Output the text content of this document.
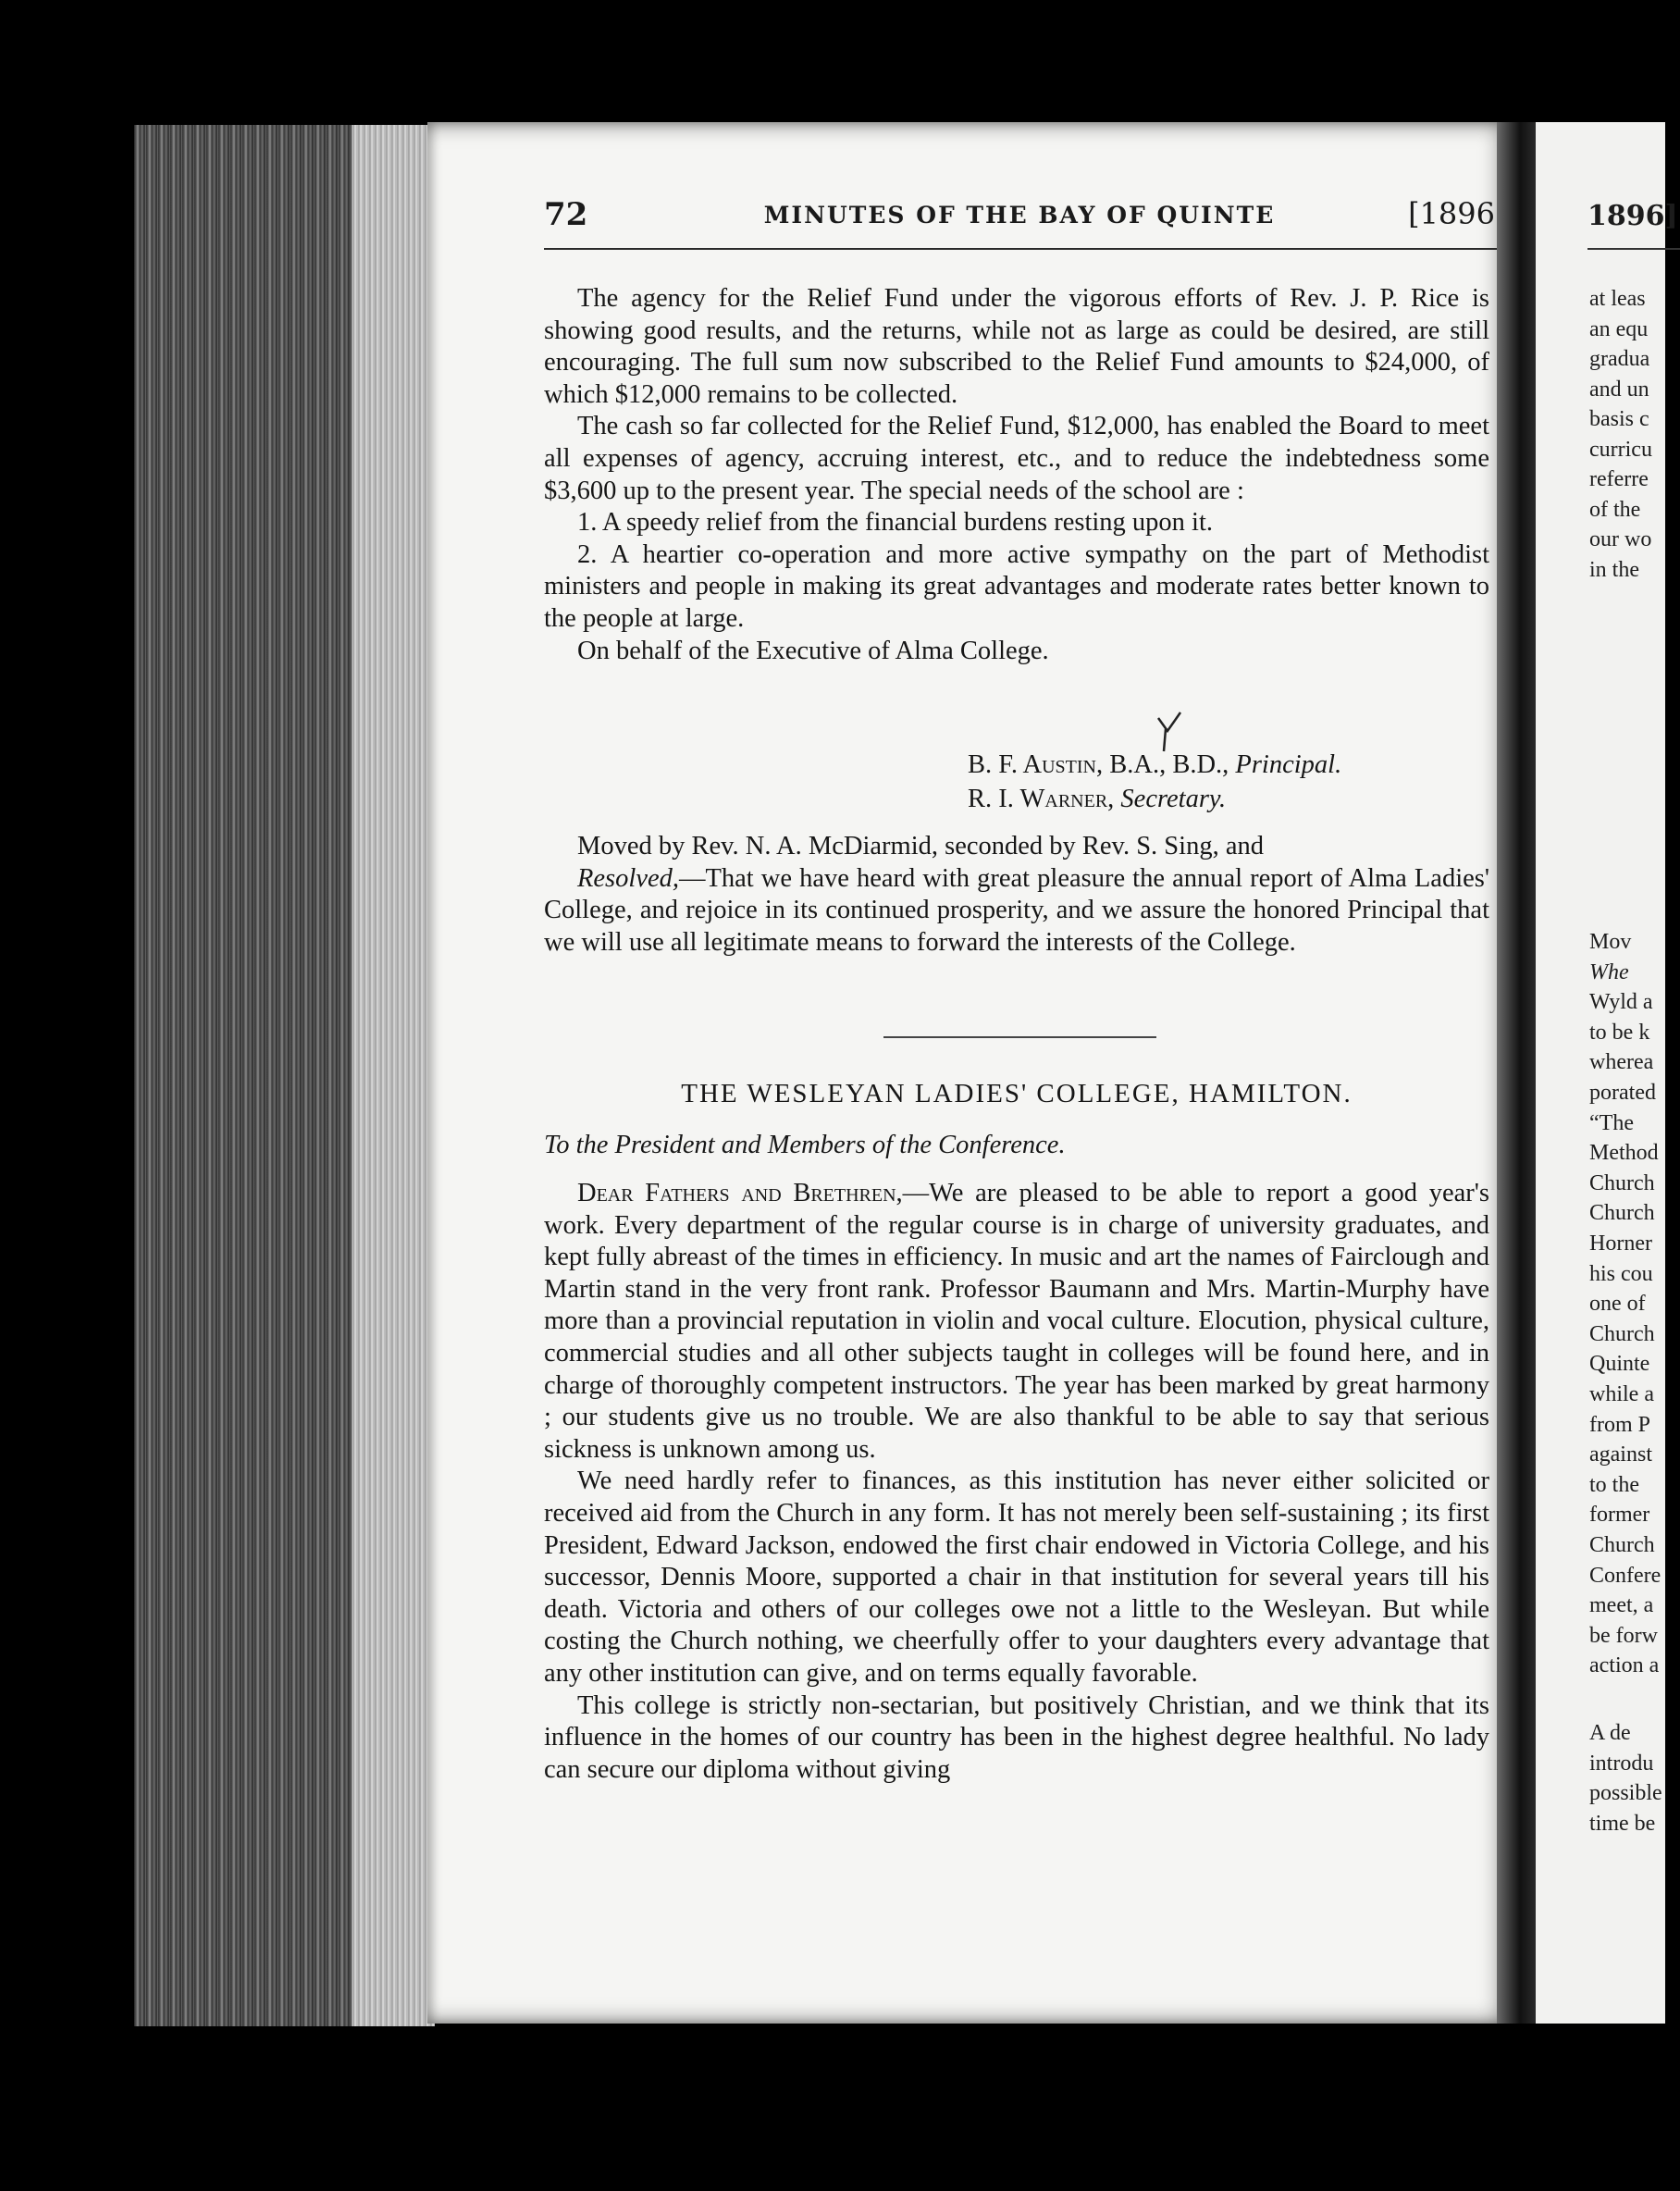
1896]
at leas
an equ
gradua
and un
basis c
curricu
referre
of the
our wo
in the
Mov
Whe
Wyld a
to be k
wherea
porated
“The
Method
Church
Church
Horner
his cou
one of
Church
Quinte
while a
from P
against
to the
former
Church
Confere
meet, a
be forw
action a
A de
introdu
possible
time be
72	MINUTES OF THE BAY OF QUINTE	[1896

The agency for the Relief Fund under the vigorous efforts of Rev. J. P. Rice is showing good results, and the returns, while not as large as could be desired, are still encouraging. The full sum now subscribed to the Relief Fund amounts to $24,000, of which $12,000 remains to be collected.

The cash so far collected for the Relief Fund, $12,000, has enabled the Board to meet all expenses of agency, accruing interest, etc., and to reduce the indebtedness some $3,600 up to the present year. The special needs of the school are :

1. A speedy relief from the financial burdens resting upon it.

2. A heartier co-operation and more active sympathy on the part of Methodist ministers and people in making its great advantages and moderate rates better known to the people at large.

On behalf of the Executive of Alma College.

B. F. Austin, B.A., B.D., Principal.
R. I. Warner, Secretary.

Moved by Rev. N. A. McDiarmid, seconded by Rev. S. Sing, and

Resolved,—That we have heard with great pleasure the annual report of Alma Ladies' College, and rejoice in its continued prosperity, and we assure the honored Principal that we will use all legitimate means to forward the interests of the College.

THE WESLEYAN LADIES' COLLEGE, HAMILTON.
To the President and Members of the Conference.

Dear Fathers and Brethren,—We are pleased to be able to report a good year's work. Every department of the regular course is in charge of university graduates, and kept fully abreast of the times in efficiency. In music and art the names of Fairclough and Martin stand in the very front rank. Professor Baumann and Mrs. Martin-Murphy have more than a provincial reputation in violin and vocal culture. Elocution, physical culture, commercial studies and all other subjects taught in colleges will be found here, and in charge of thoroughly competent instructors. The year has been marked by great harmony ; our students give us no trouble. We are also thankful to be able to say that serious sickness is unknown among us.

We need hardly refer to finances, as this institution has never either solicited or received aid from the Church in any form. It has not merely been self-sustaining ; its first President, Edward Jackson, endowed the first chair endowed in Victoria College, and his successor, Dennis Moore, supported a chair in that institution for several years till his death. Victoria and others of our colleges owe not a little to the Wesleyan. But while costing the Church nothing, we cheerfully offer to your daughters every advantage that any other institution can give, and on terms equally favorable.

This college is strictly non-sectarian, but positively Christian, and we think that its influence in the homes of our country has been in the highest degree healthful. No lady can secure our diploma without giving
